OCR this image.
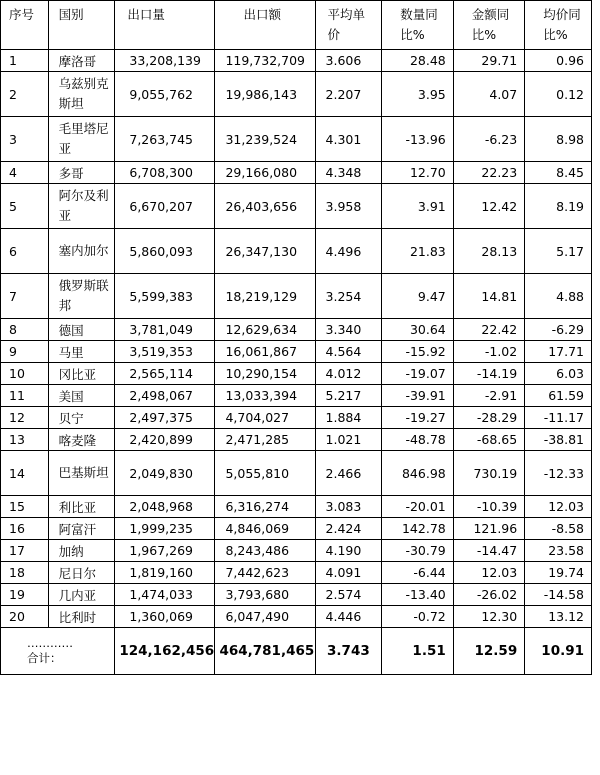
序号	国别	出口量	出口额	平均单价	数量同比%	金额同比%	均价同比%
1	摩洛哥	33,208,139	119,732,709	3.606	28.48	29.71	0.96
2	乌兹别克斯坦	9,055,762	19,986,143	2.207	3.95	4.07	0.12
3	毛里塔尼亚	7,263,745	31,239,524	4.301	-13.96	-6.23	8.98
4	多哥	6,708,300	29,166,080	4.348	12.70	22.23	8.45
5	阿尔及利亚	6,670,207	26,403,656	3.958	3.91	12.42	8.19
6	塞内加尔	5,860,093	26,347,130	4.496	21.83	28.13	5.17
7	俄罗斯联邦	5,599,383	18,219,129	3.254	9.47	14.81	4.88
8	德国	3,781,049	12,629,634	3.340	30.64	22.42	-6.29
9	马里	3,519,353	16,061,867	4.564	-15.92	-1.02	17.71
10	冈比亚	2,565,114	10,290,154	4.012	-19.07	-14.19	6.03
11	美国	2,498,067	13,033,394	5.217	-39.91	-2.91	61.59
12	贝宁	2,497,375	4,704,027	1.884	-19.27	-28.29	-11.17
13	喀麦隆	2,420,899	2,471,285	1.021	-48.78	-68.65	-38.81
14	巴基斯坦	2,049,830	5,055,810	2.466	846.98	730.19	-12.33
15	利比亚	2,048,968	6,316,274	3.083	-20.01	-10.39	12.03
16	阿富汗	1,999,235	4,846,069	2.424	142.78	121.96	-8.58
17	加纳	1,967,269	8,243,486	4.190	-30.79	-14.47	23.58
18	尼日尔	1,819,160	7,442,623	4.091	-6.44	12.03	19.74
19	几内亚	1,474,033	3,793,680	2.574	-13.40	-26.02	-14.58
20	比利时	1,360,069	6,047,490	4.446	-0.72	12.30	13.12

…………
合计：		124,162,456	464,781,465	3.743	1.51	12.59	10.91
